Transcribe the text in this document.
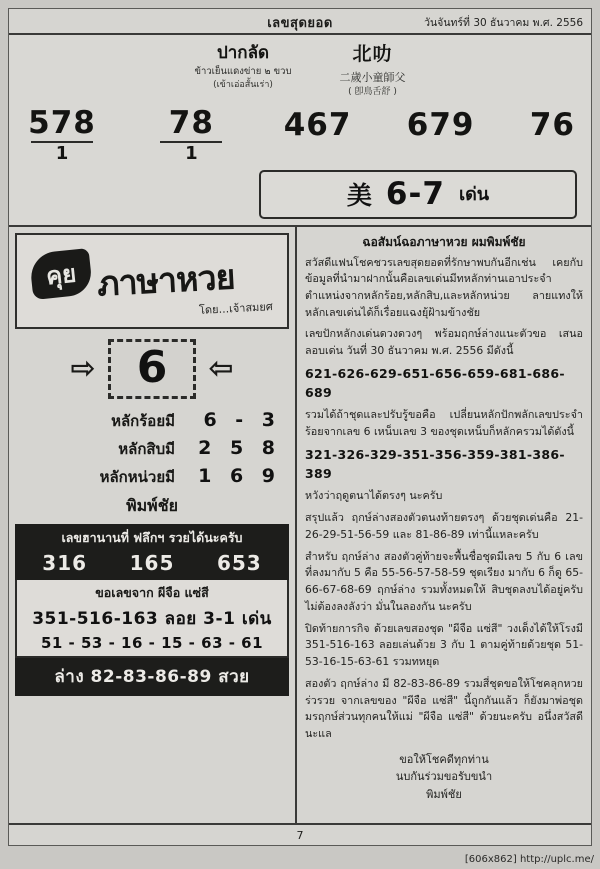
เลขสุดยอด	วันจันทร์ที่ 30 ธันวาคม พ.ศ. 2556
ปากลัด
ข้าวเย็นแดงข่าย ๒ ขวบ
(เข้าเอ่อสั้นเร่า)
北叻
二歲小童師父
( 卽鳥舌舒 )
$\frac{578}{1} \frac{78}{1} 467$ 679 76
美 6-7 เด่น
คุย ภาษาหวย
โดย...เจ้าสมยศ
⇨ 6	⇦
หลักร้อยมี	6 - 3
หลักสิบมี 2 5 8
หลักหน่วยมี 1 6 9
พิมพ์ชัย
เลขฮานานที่ ฟลึกฯ รวยได้นะครับ
316 165 653
ขอเลขจาก ผีจือ แซ่สี
351-516-163 ลอย 3-1 เด่น
51 - 53 - 16 - 15 - 63 - 61
ล่าง 82-83-86-89 สวย
ฉอสัมน์ฉอภาษาหวย ผมพิมพ์ชัย

สวัสดีแฟนโชคชวรเลขสุดยอดที่รักษาพบกันอีกเช่น เคยกับข้อมูลที่นำมาฝากนั้นคือเลขเด่นมีทหลักท่านเอาประจำ ตำแหน่งจากหลักร้อย,หลักสิบ,และหลักหน่วย ลายแทงให้หลักเลขเด่นได้ก็เรื่อยแฉงยุ้ฝ้ามข้างชัย

เลขปักหลักงเด่นดวงดวงๆ พร้อมฤกษ์ล่างแนะตัวขอ เสนอลอบเด่น วันที่ 30 ธันวาคม พ.ศ. 2556 มีดังนี้

621-626-629-651-656-659-681-686-689

รวมได้ถ้าชุดและปรับรู้ขอคือ เปลี่ยนหลักปักพลักเลขประจำร้อยจากเลข 6 เหน็บเลข 3 ของชุดเหน็บก็หลักครวมได้ดังนี้

321-326-329-351-356-359-381-386-389

หวังว่าฤดูตนาได้ตรงๆ นะครับ

สรุปแล้ว ฤกษ์ล่างสองตัวตนงท้ายตรงๆ ด้วยชุดเด่นคือ 21-26-29-51-56-59 และ 81-86-89 เท่านี้แหละครับ

สำหรับ ฤกษ์ล่าง สองตัวคู่ท้ายจะพื้นชื่อชุดมีเลข 5 กับ 6 เลขที่ลงมากับ 5 คือ 55-56-57-58-59 ชุดเรียง มากับ 6 ก็ดู 65-66-67-68-69 ฤกษ์ล่าง รวมทั้งหมดให้ สิบชุดลงบได้อยู่ครับ ไม่ต้องลงลังว่า มั่นในลองกัน นะครับ

ปิดท้ายการกิจ ด้วยเลขสองชุด "ผีจือ แซ่สี" วงเด็งได้ให้โรงมี 351-516-163 ลอยเล่นด้วย 3 กับ 1 ตามคู่ท้ายด้วยชุด 51-53-16-15-63-61 รวมทหยุด

สองตัว ฤกษ์ล่าง มี 82-83-86-89 รวมสี่ชุดขอให้โชคลุกหวย ร่วรวย จากเลขของ "ผีจือ แซ่สี" นี้ถูกกันแล้ว ก็ยังมาพ่อชุดมรฤกษ์ส่วนทุกคนให้แม่ "ผีจือ แซ่สี" ด้วยนะครับ อนึ่งสวัสดีนะแล

ขอให้โชคดีทุกท่าน
นบกันร่วมขอรับขนำ
พิมพ์ชัย
7
[606x862] http://uplc.me/
